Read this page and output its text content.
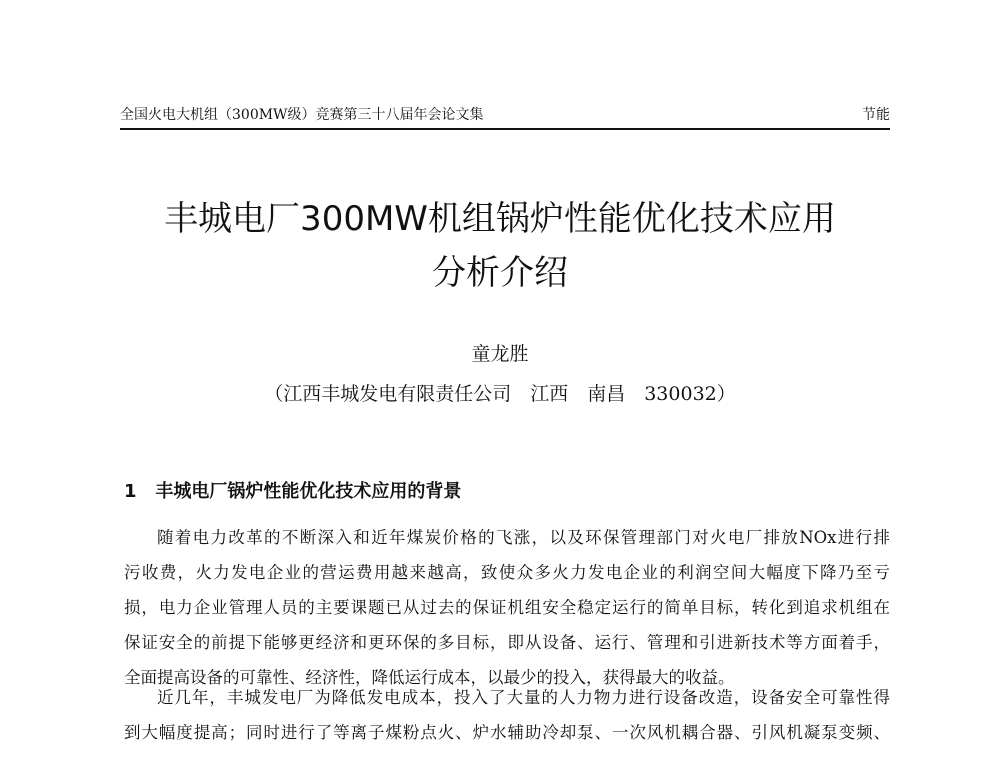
全国火电大机组（300MW级）竞赛第三十八届年会论文集	节能
丰城电厂300MW机组锅炉性能优化技术应用
分析介绍
童龙胜
（江西丰城发电有限责任公司　江西　南昌　330032）
1 丰城电厂锅炉性能优化技术应用的背景
随着电力改革的不断深入和近年煤炭价格的飞涨，以及环保管理部门对火电厂排放NOx进行排
污收费，火力发电企业的营运费用越来越高，致使众多火力发电企业的利润空间大幅度下降乃至亏
损，电力企业管理人员的主要课题已从过去的保证机组安全稳定运行的简单目标，转化到追求机组在
保证安全的前提下能够更经济和更环保的多目标，即从设备、运行、管理和引进新技术等方面着手，
全面提高设备的可靠性、经济性，降低运行成本，以最少的投入，获得最大的收益。
近几年，丰城发电厂为降低发电成本，投入了大量的人力物力进行设备改造，设备安全可靠性得
到大幅度提高；同时进行了等离子煤粉点火、炉水辅助冷却泵、一次风机耦合器、引风机凝泵变频、
